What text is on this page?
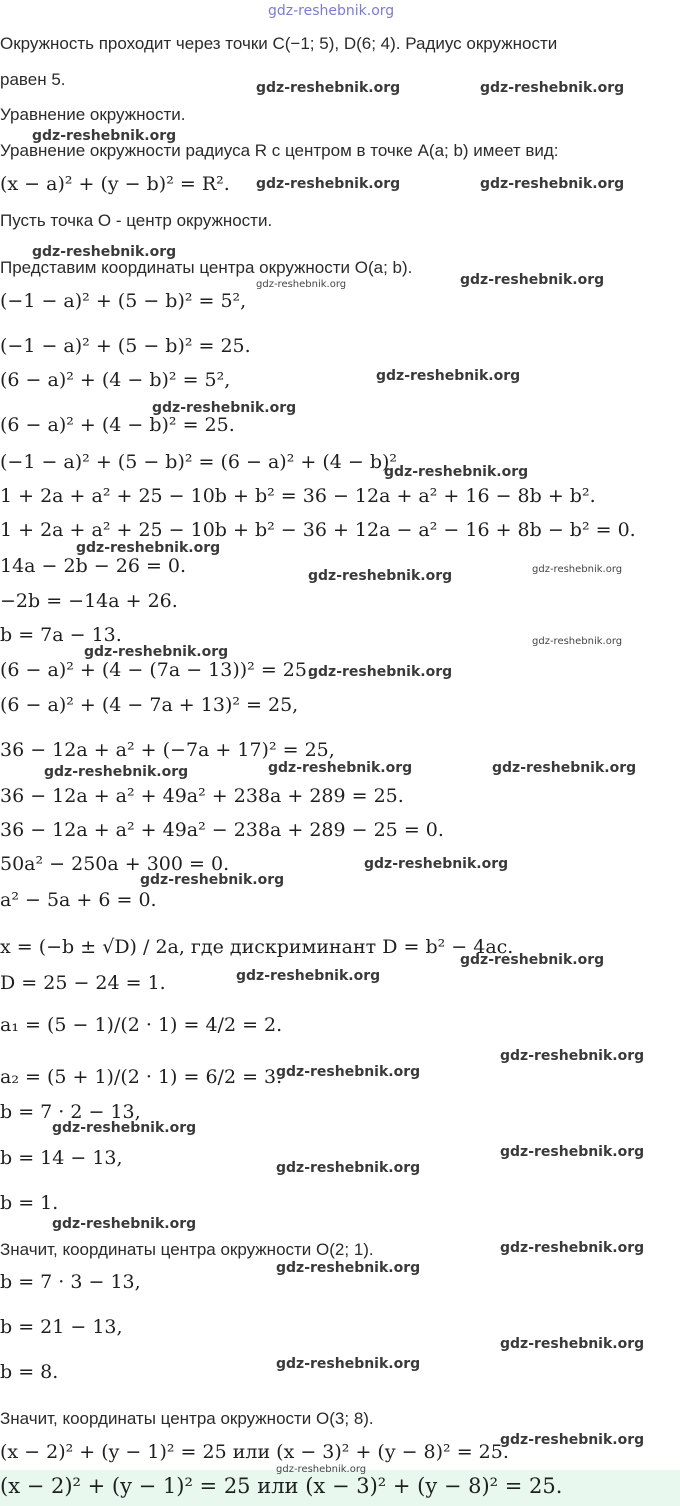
gdz-reshebnik.org
Окружность проходит через точки C(−1; 5), D(6; 4). Радиус окружности
равен 5.
Уравнение окружности.
Уравнение окружности радиуса R с центром в точке A(a; b) имеет вид:
(x − a)² + (y − b)² = R².
Пусть точка O - центр окружности.
Представим координаты центра окружности O(a; b).
(−1 − a)² + (5 − b)² = 5²,
(−1 − a)² + (5 − b)² = 25.
(6 − a)² + (4 − b)² = 5²,
(6 − a)² + (4 − b)² = 25.
(−1 − a)² + (5 − b)² = (6 − a)² + (4 − b)²
1 + 2a + a² + 25 − 10b + b² = 36 − 12a + a² + 16 − 8b + b².
1 + 2a + a² + 25 − 10b + b² − 36 + 12a − a² − 16 + 8b − b² = 0.
14a − 2b − 26 = 0.
−2b = −14a + 26.
b = 7a − 13.
(6 − a)² + (4 − (7a − 13))² = 25.
(6 − a)² + (4 − 7a + 13)² = 25,
36 − 12a + a² + (−7a + 17)² = 25,
36 − 12a + a² + 49a² + 238a + 289 = 25.
36 − 12a + a² + 49a² − 238a + 289 − 25 = 0.
50a² − 250a + 300 = 0.
a² − 5a + 6 = 0.
x = (−b ± √D) / 2a, где дискриминант D = b² − 4ac.
D = 25 − 24 = 1.
a₁ = (5 − 1)/(2 · 1) = 4/2 = 2.
a₂ = (5 + 1)/(2 · 1) = 6/2 = 3.
b = 7 · 2 − 13,
b = 14 − 13,
b = 1.
Значит, координаты центра окружности O(2; 1).
b = 7 · 3 − 13,
b = 21 − 13,
b = 8.
Значит, координаты центра окружности O(3; 8).
(x − 2)² + (y − 1)² = 25 или (x − 3)² + (y − 8)² = 25.
(x − 2)² + (y − 1)² = 25 или (x − 3)² + (y − 8)² = 25.
gdz-reshebnik.org	gdz-reshebnik.org
gdz-reshebnik.org
gdz-reshebnik.org	gdz-reshebnik.org
gdz-reshebnik.org
gdz-reshebnik.org	gdz-reshebnik.org
gdz-reshebnik.org
gdz-reshebnik.org
gdz-reshebnik.org
gdz-reshebnik.org
gdz-reshebnik.org	gdz-reshebnik.org
gdz-reshebnik.org
gdz-reshebnik.org
gdz-reshebnik.org
gdz-reshebnik.org	gdz-reshebnik.org	gdz-reshebnik.org
gdz-reshebnik.org
gdz-reshebnik.org
gdz-reshebnik.org
gdz-reshebnik.org
gdz-reshebnik.org
gdz-reshebnik.org
gdz-reshebnik.org
gdz-reshebnik.org
gdz-reshebnik.org
gdz-reshebnik.org
gdz-reshebnik.org
gdz-reshebnik.org
gdz-reshebnik.org
gdz-reshebnik.org
gdz-reshebnik.org
gdz-reshebnik.org
